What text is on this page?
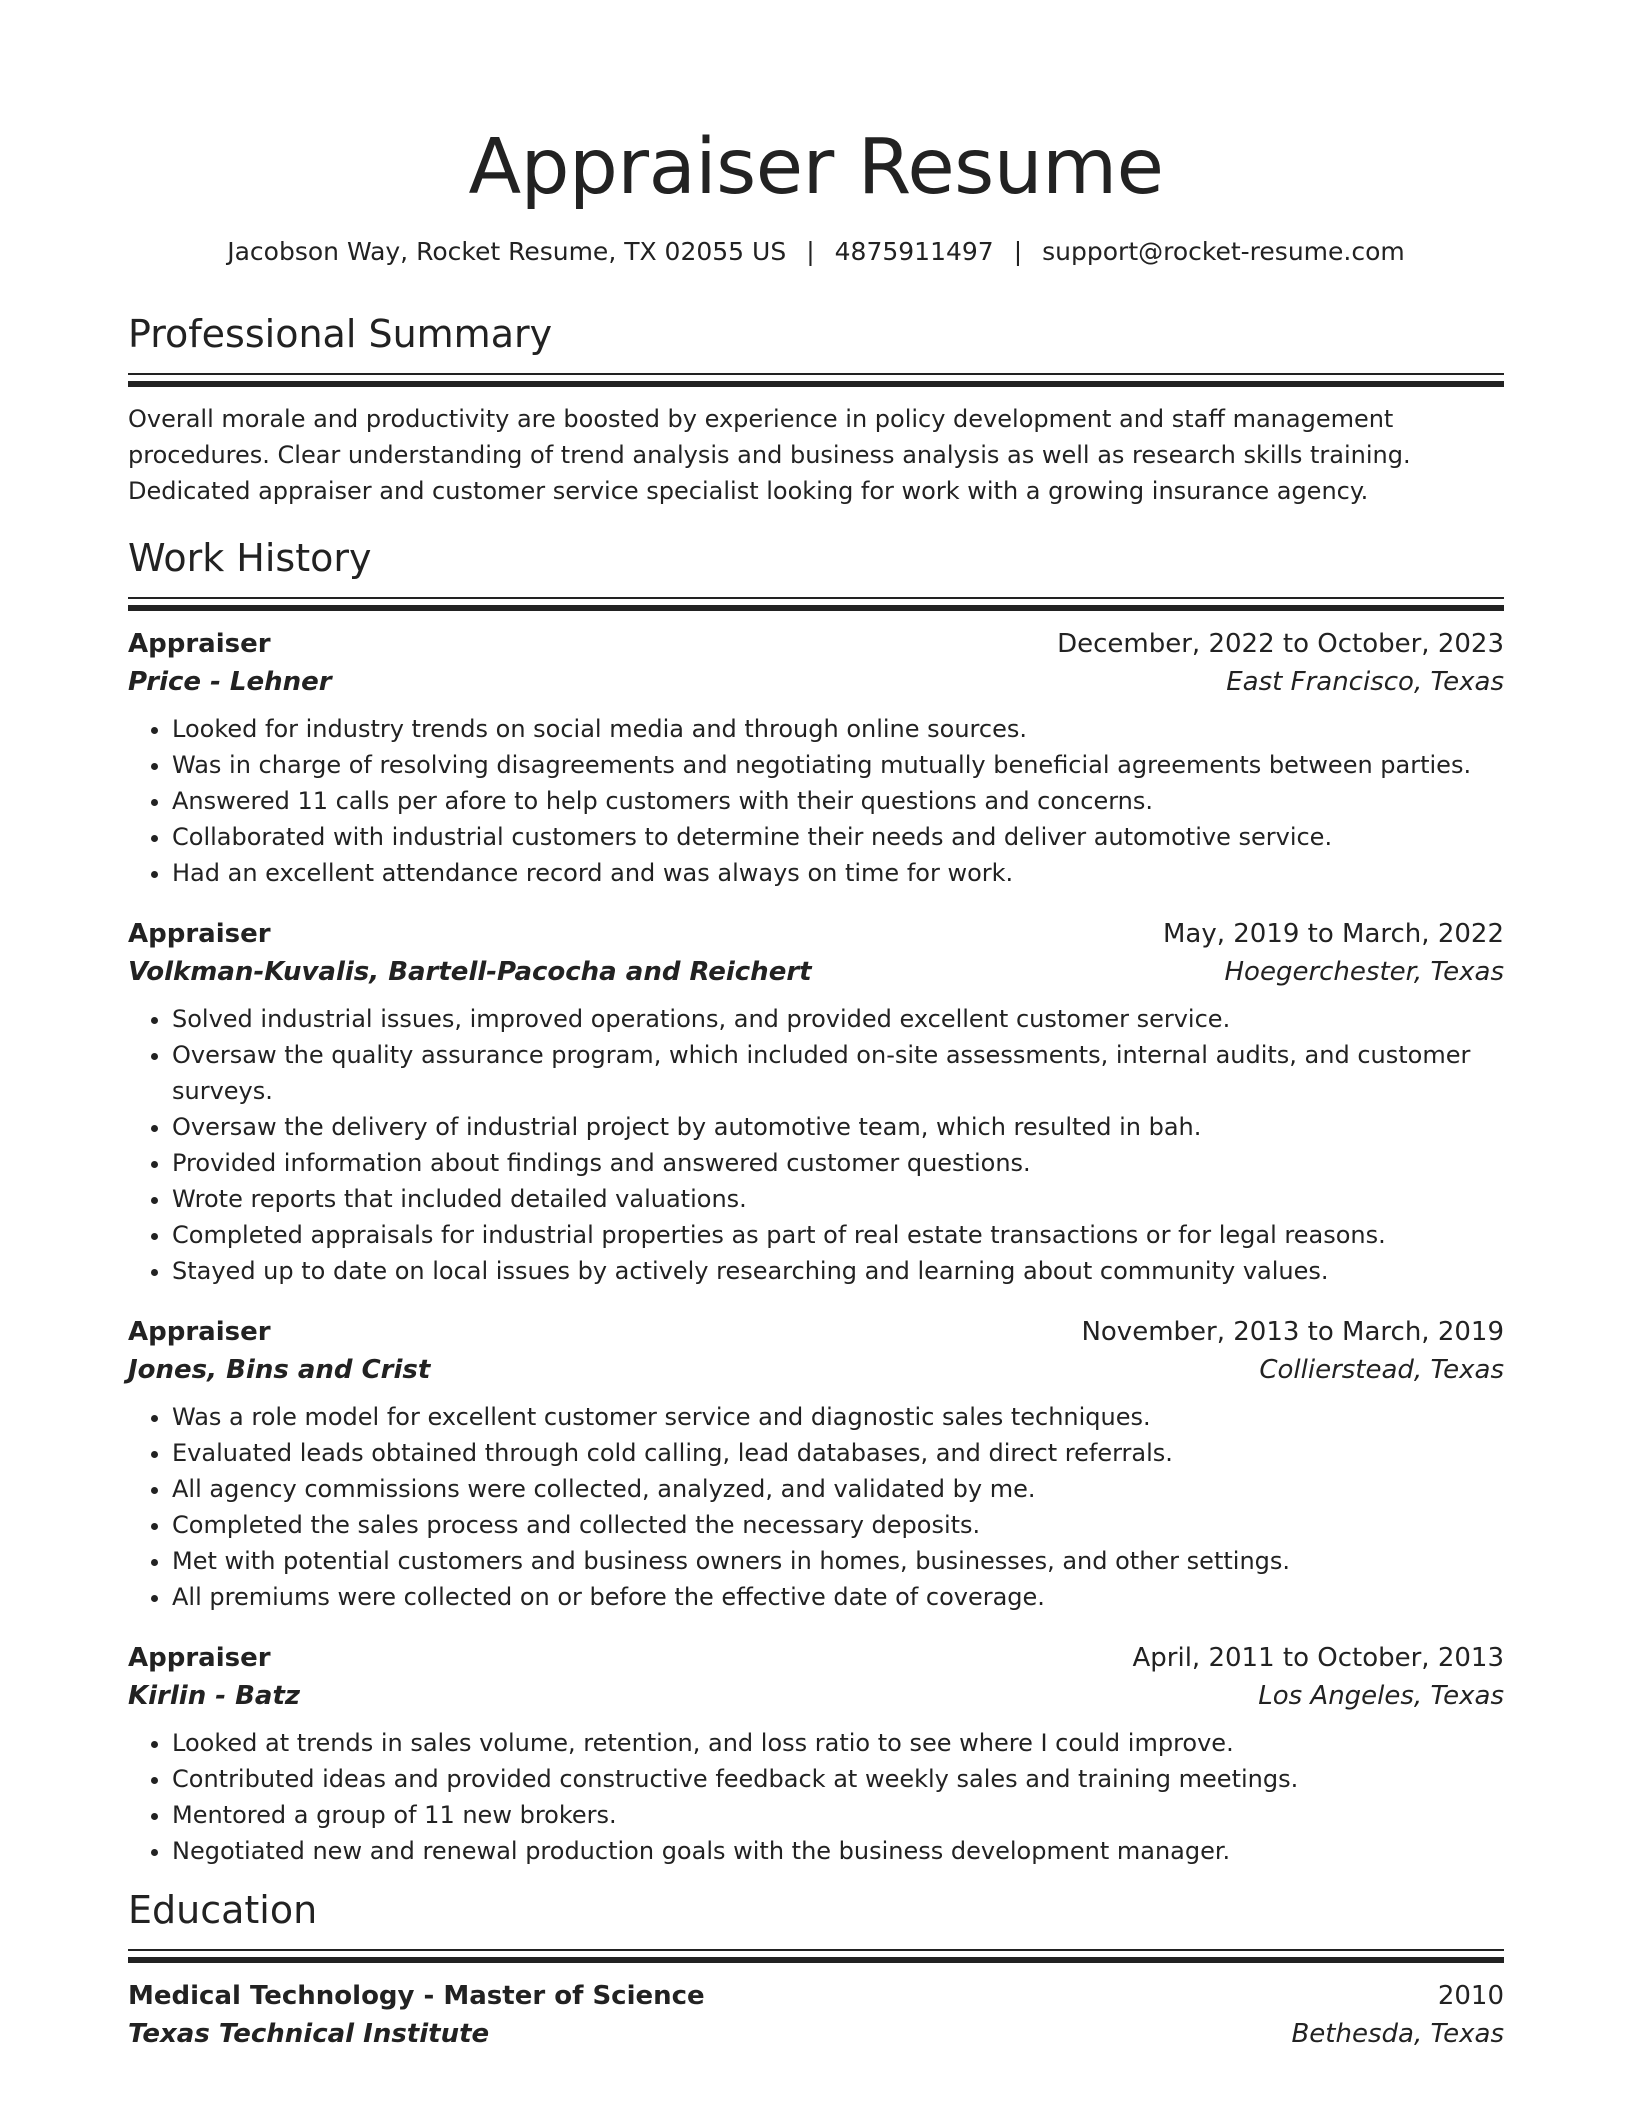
Appraiser Resume
Jacobson Way, Rocket Resume, TX 02055 US | 4875911497 | support@rocket-resume.com
Professional Summary

Overall morale and productivity are boosted by experience in policy development and staff management procedures. Clear understanding of trend analysis and business analysis as well as research skills training. Dedicated appraiser and customer service specialist looking for work with a growing insurance agency.

Work History
Appraiser	December, 2022 to October, 2023
Price - Lehner	East Francisco, Texas
• Looked for industry trends on social media and through online sources.
• Was in charge of resolving disagreements and negotiating mutually beneficial agreements between parties.
• Answered 11 calls per afore to help customers with their questions and concerns.
• Collaborated with industrial customers to determine their needs and deliver automotive service.
• Had an excellent attendance record and was always on time for work.
Appraiser	May, 2019 to March, 2022
Volkman-Kuvalis, Bartell-Pacocha and Reichert	Hoegerchester, Texas
• Solved industrial issues, improved operations, and provided excellent customer service.
• Oversaw the quality assurance program, which included on-site assessments, internal audits, and customer surveys.
• Oversaw the delivery of industrial project by automotive team, which resulted in bah.
• Provided information about findings and answered customer questions.
• Wrote reports that included detailed valuations.
• Completed appraisals for industrial properties as part of real estate transactions or for legal reasons.
• Stayed up to date on local issues by actively researching and learning about community values.
Appraiser	November, 2013 to March, 2019
Jones, Bins and Crist	Collierstead, Texas
• Was a role model for excellent customer service and diagnostic sales techniques.
• Evaluated leads obtained through cold calling, lead databases, and direct referrals.
• All agency commissions were collected, analyzed, and validated by me.
• Completed the sales process and collected the necessary deposits.
• Met with potential customers and business owners in homes, businesses, and other settings.
• All premiums were collected on or before the effective date of coverage.
Appraiser	April, 2011 to October, 2013
Kirlin - Batz	Los Angeles, Texas
• Looked at trends in sales volume, retention, and loss ratio to see where I could improve.
• Contributed ideas and provided constructive feedback at weekly sales and training meetings.
• Mentored a group of 11 new brokers.
• Negotiated new and renewal production goals with the business development manager.
Education
Medical Technology - Master of Science	2010
Texas Technical Institute	Bethesda, Texas
